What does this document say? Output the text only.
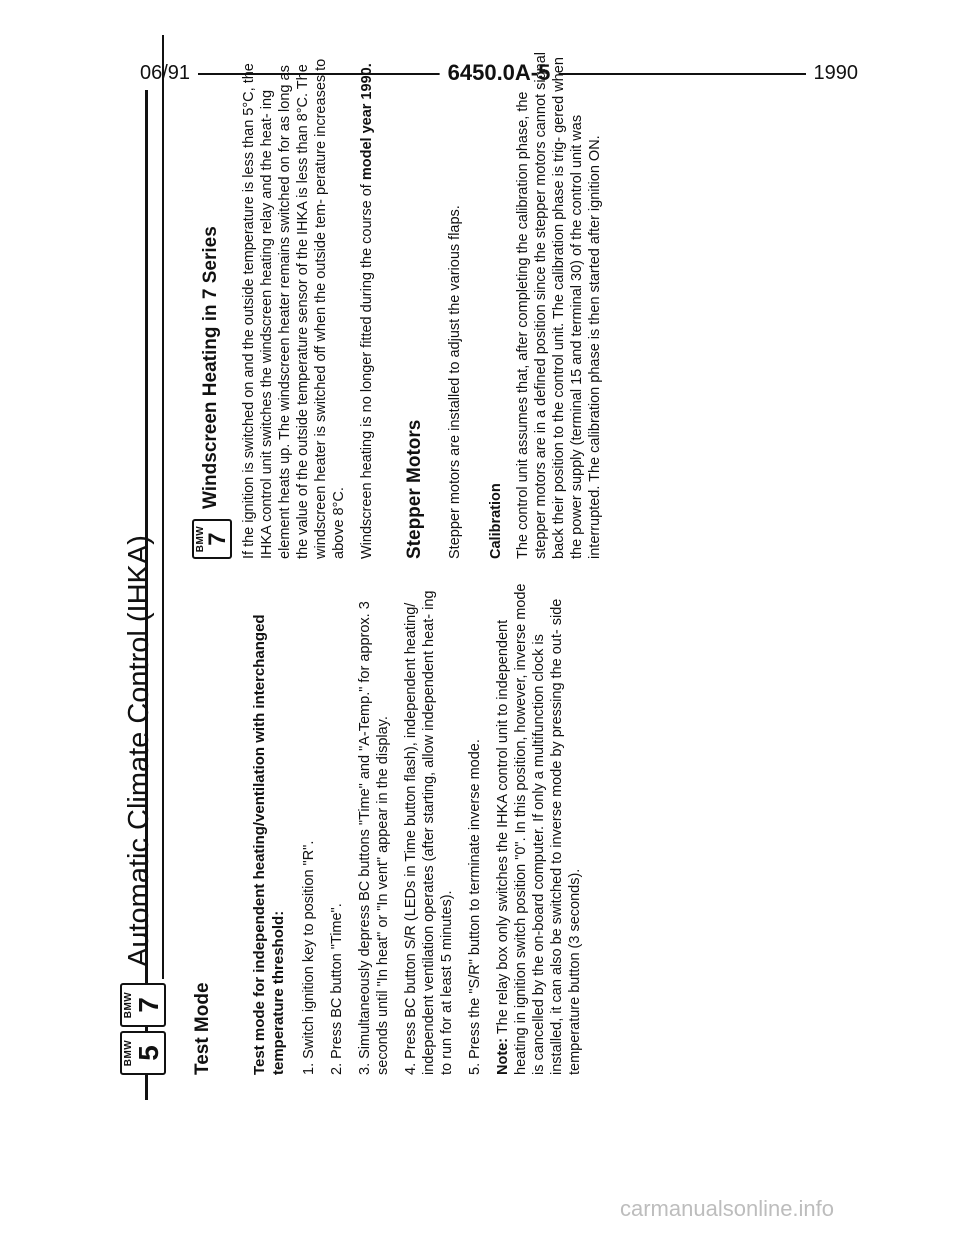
06/91	6450.0A-5	1990
BMW 5
BMW 7
Automatic Climate Control (IHKA)
Test Mode	Test mode for independent heating/ventilation with interchanged temperature threshold: 1. Switch ignition key to position "R". 2. Press BC button "Time". 3. Simultaneously depress BC buttons "Time" and "A-Temp." for approx. 3 seconds until "In heat" or "In vent" appear in the display. 4. Press BC button S/R (LEDs in Time button flash), independent heating/ independent ventilation operates (after starting, allow independent heat- ing to run for at least 5 minutes). 5. Press the "S/R" button to terminate inverse mode. Note: The relay box only switches the IHKA control unit to independent heating in ignition switch position "0". In this position, however, inverse mode is cancelled by the on-board computer. If only a multifunction clock is installed, it can also be switched to inverse mode by pressing the out- side temperature button (3 seconds).

BMW
7
Windscreen Heating in 7 Series If the ignition is switched on and the outside temperature is less than 5°C, the IHKA control unit switches the windscreen heating relay and the heat- ing element heats up. The windscreen heater remains switched on for as long as the value of the outside temperature sensor of the IHKA is less than 8°C. The windscreen heater is switched off when the outside tem- perature increases to above 8°C. Windscreen heating is no longer fitted during the course of model year 1990.

Stepper Motors Stepper motors are installed to adjust the various flaps. Calibration The control unit assumes that, after completing the calibration phase, the stepper motors are in a defined position since the stepper motors cannot signal back their position to the control unit. The calibration phase is trig- gered when the power supply (terminal 15 and terminal 30) of the control unit was interrupted. The calibration phase is then started after ignition ON.

carmanualsonline.info
